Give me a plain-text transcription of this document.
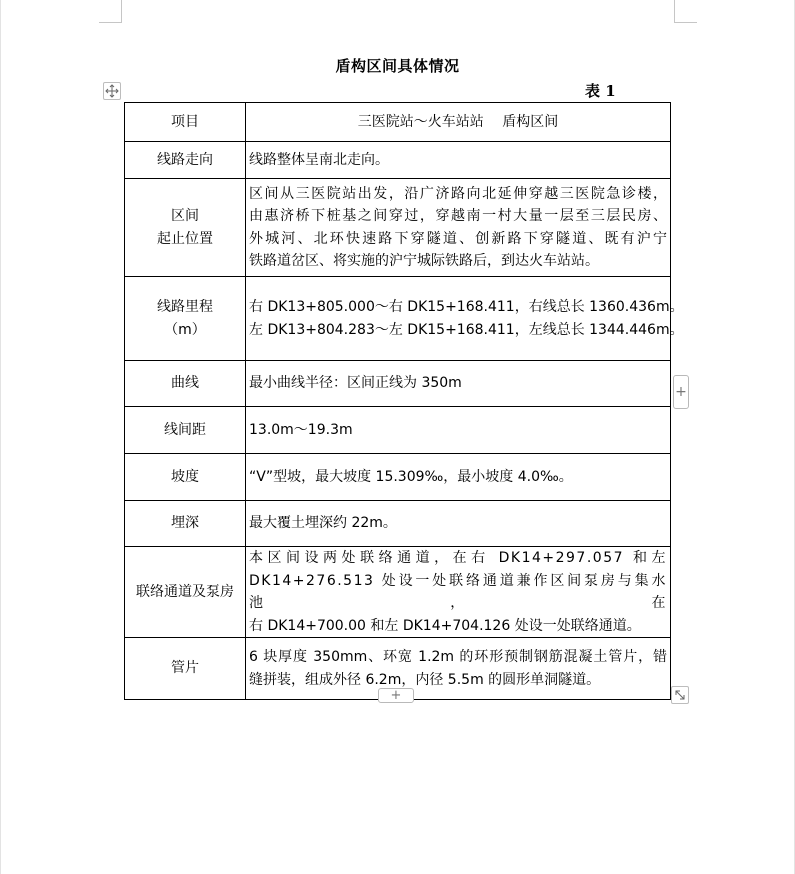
盾构区间具体情况
表 1
项目	三医院站～火车站站　 盾构区间

线路走向	线路整体呈南北走向。

区间
起止位置	区间从三医院站出发，沿广济路向北延伸穿越三医院急诊楼，
由惠济桥下桩基之间穿过，穿越南一村大量一层至三层民房、
外城河、北环快速路下穿隧道、创新路下穿隧道、既有沪宁
铁路道岔区、将实施的沪宁城际铁路后，到达火车站站。

线路里程
（m）	右 DK13+805.000～右 DK15+168.411，右线总长 1360.436m。
左 DK13+804.283～左 DK15+168.411，左线总长 1344.446m。

曲线	最小曲线半径：区间正线为 350m

线间距	13.0m～19.3m

坡度	“V”型坡，最大坡度 15.309‰，最小坡度 4.0‰。

埋深	最大覆土埋深约 22m。

联络通道及泵房	本区间设两处联络通道，在右 DK14+297.057 和左
DK14+276.513 处设一处联络通道兼作区间泵房与集水池，在
右 DK14+700.00 和左 DK14+704.126 处设一处联络通道。

管片	6 块厚度 350mm、环宽 1.2m 的环形预制钢筋混凝土管片，错
缝拼装，组成外径 6.2m，内径 5.5m 的圆形单洞隧道。
+
+
